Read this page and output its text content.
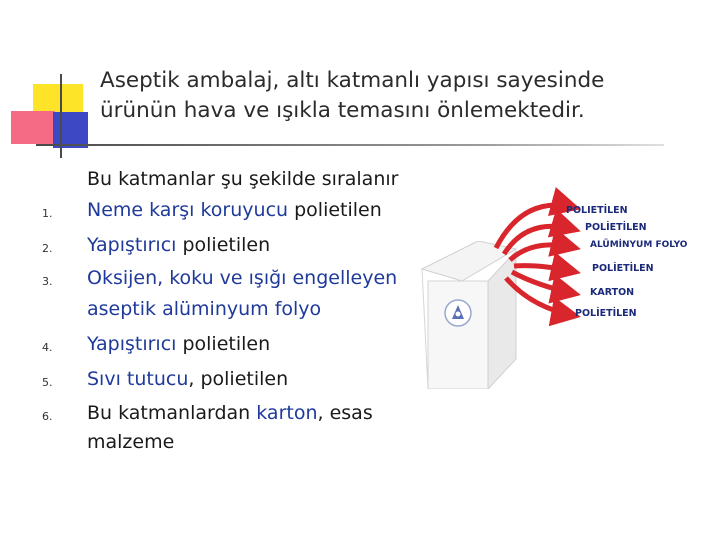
Aseptik ambalaj, altı katmanlı yapısı sayesinde
ürünün hava ve ışıkla temasını önlemektedir.
Bu katmanlar şu şekilde sıralanır
1.	Neme karşı koruyucu polietilen
2.	Yapıştırıcı polietilen
3.	Oksijen, koku ve ışığı engelleyen
aseptik alüminyum folyo
4.	Yapıştırıcı polietilen
5.	Sıvı tutucu, polietilen
6.	Bu katmanlardan karton, esas
malzeme
POLIETİLEN
POLİETİLEN
ALÜMİNYUM FOLYO
POLİETİLEN
KARTON
POLİETİLEN
